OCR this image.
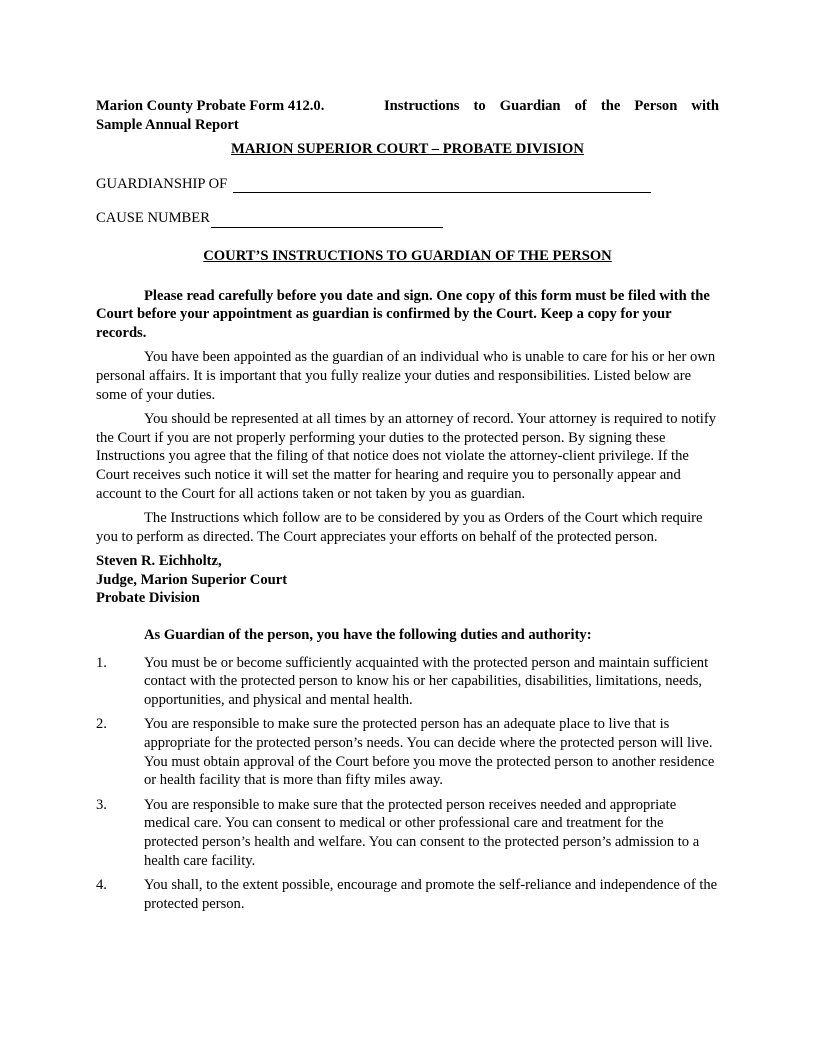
Marion County Probate Form 412.0.	Instructions to Guardian of the Person with
Sample Annual Report
MARION SUPERIOR COURT – PROBATE DIVISION
GUARDIANSHIP OF
CAUSE NUMBER
COURT’S INSTRUCTIONS TO GUARDIAN OF THE PERSON

Please read carefully before you date and sign. One copy of this form must be filed with the Court before your appointment as guardian is confirmed by the Court. Keep a copy for your records.

You have been appointed as the guardian of an individual who is unable to care for his or her own personal affairs. It is important that you fully realize your duties and responsibilities. Listed below are some of your duties.

You should be represented at all times by an attorney of record. Your attorney is required to notify the Court if you are not properly performing your duties to the protected person. By signing these Instructions you agree that the filing of that notice does not violate the attorney-client privilege. If the Court receives such notice it will set the matter for hearing and require you to personally appear and account to the Court for all actions taken or not taken by you as guardian.

The Instructions which follow are to be considered by you as Orders of the Court which require you to perform as directed. The Court appreciates your efforts on behalf of the protected person.

Steven R. Eichholtz,
Judge, Marion Superior Court
Probate Division
As Guardian of the person, you have the following duties and authority:
1.	You must be or become sufficiently acquainted with the protected person and maintain sufficient contact with the protected person to know his or her capabilities, disabilities, limitations, needs, opportunities, and physical and mental health.
2.	You are responsible to make sure the protected person has an adequate place to live that is appropriate for the protected person’s needs. You can decide where the protected person will live. You must obtain approval of the Court before you move the protected person to another residence or health facility that is more than fifty miles away.
3.	You are responsible to make sure that the protected person receives needed and appropriate medical care. You can consent to medical or other professional care and treatment for the protected person’s health and welfare. You can consent to the protected person’s admission to a health care facility.
4.	You shall, to the extent possible, encourage and promote the self-reliance and independence of the protected person.
